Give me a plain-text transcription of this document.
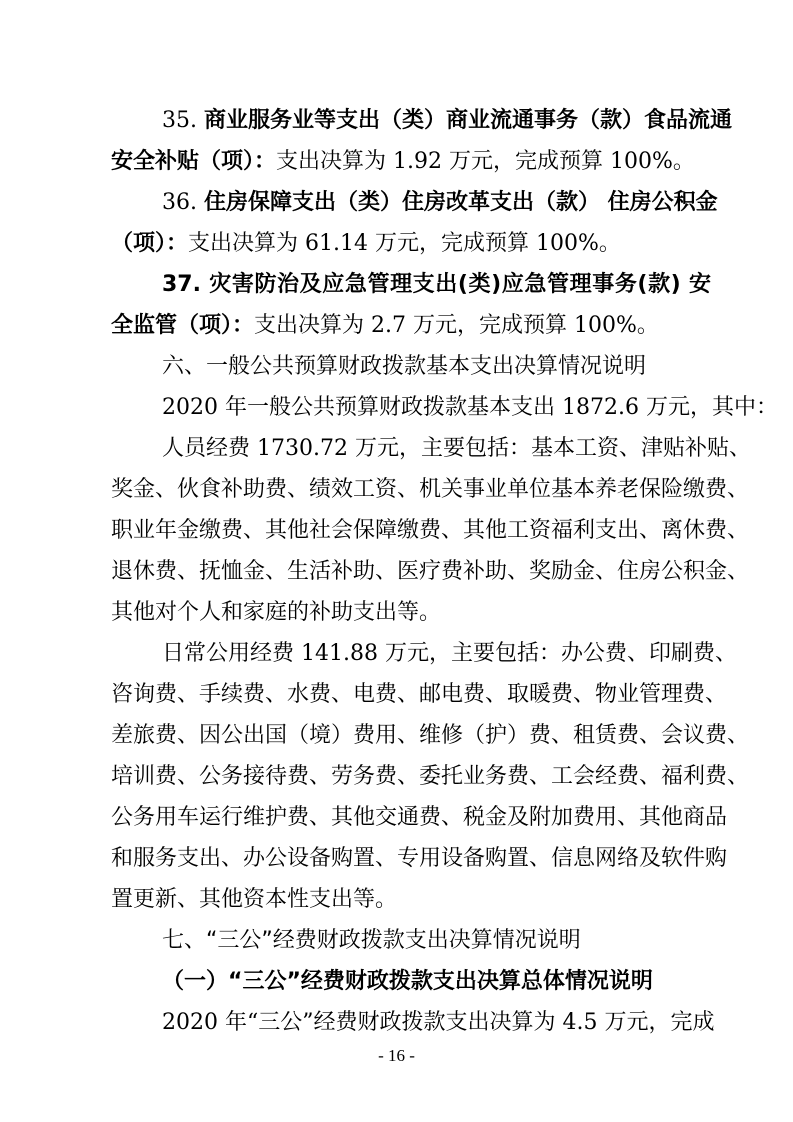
35. 商业服务业等支出（类）商业流通事务（款）食品流通
安全补贴（项）：支出决算为 1.92 万元，完成预算 100%。
36. 住房保障支出（类）住房改革支出（款） 住房公积金
（项）：支出决算为 61.14 万元，完成预算 100%。
37. 灾害防治及应急管理支出(类)应急管理事务(款) 安
全监管（项）：支出决算为 2.7 万元，完成预算 100%。
六、一般公共预算财政拨款基本支出决算情况说明
2020 年一般公共预算财政拨款基本支出 1872.6 万元，其中：
人员经费 1730.72 万元，主要包括：基本工资、津贴补贴、
奖金、伙食补助费、绩效工资、机关事业单位基本养老保险缴费、
职业年金缴费、其他社会保障缴费、其他工资福利支出、离休费、
退休费、抚恤金、生活补助、医疗费补助、奖励金、住房公积金、
其他对个人和家庭的补助支出等。
日常公用经费 141.88 万元，主要包括：办公费、印刷费、
咨询费、手续费、水费、电费、邮电费、取暖费、物业管理费、
差旅费、因公出国（境）费用、维修（护）费、租赁费、会议费、
培训费、公务接待费、劳务费、委托业务费、工会经费、福利费、
公务用车运行维护费、其他交通费、税金及附加费用、其他商品
和服务支出、办公设备购置、专用设备购置、信息网络及软件购
置更新、其他资本性支出等。
七、“三公”经费财政拨款支出决算情况说明
（一）“三公”经费财政拨款支出决算总体情况说明
2020 年“三公”经费财政拨款支出决算为 4.5 万元，完成
- 16 -
